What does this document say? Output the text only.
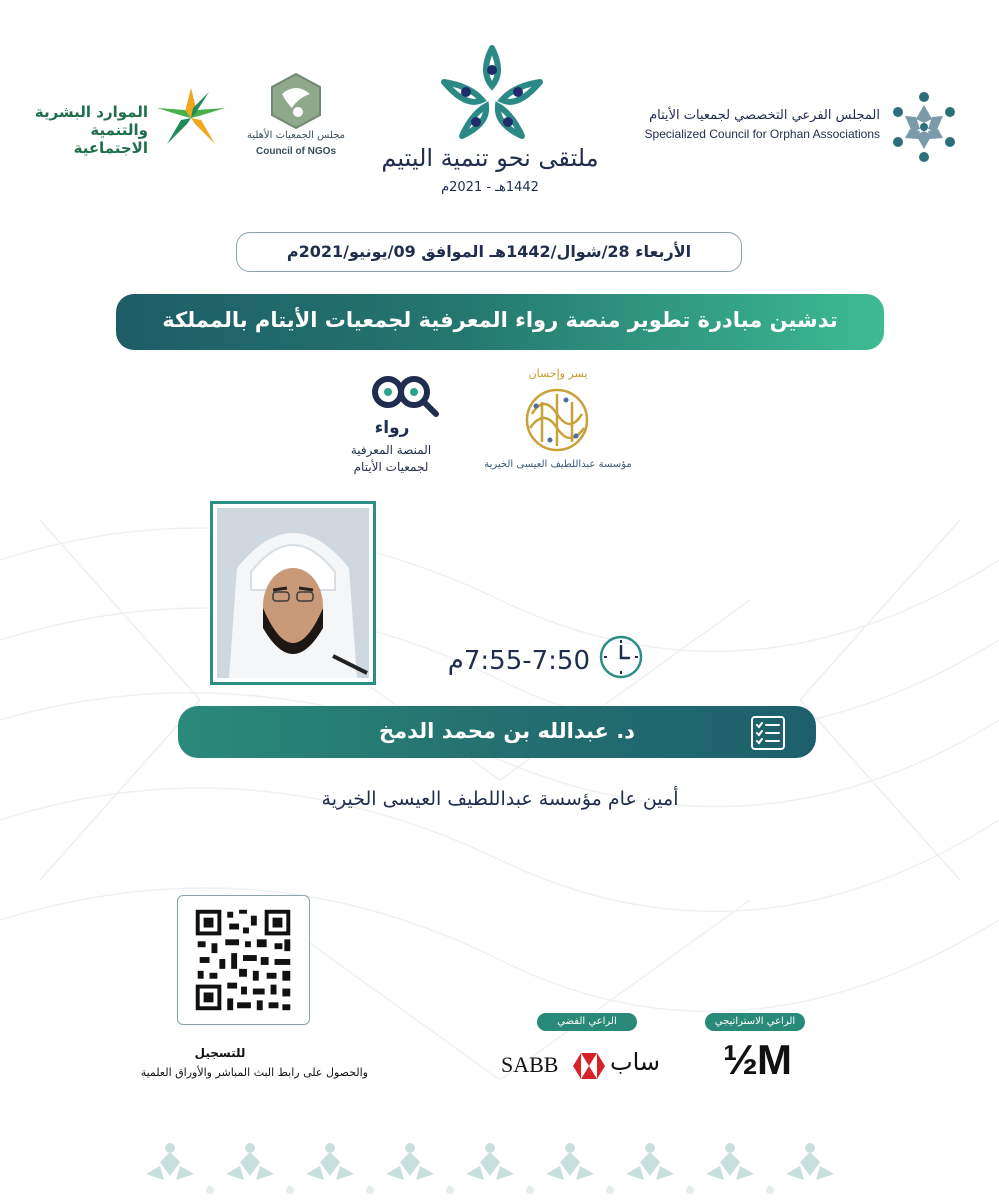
المجلس الفرعي التخصصي لجمعيات الأيتام
Specialized Council for Orphan Associations
ملتقى نحو تنمية اليتيم
1442هـ - 2021م
مجلس الجمعيات الأهلية
Council of NGOs
الموارد البشرية
والتنمية الاجتماعية
الأربعاء 28/شوال/1442هـ الموافق 09/يونيو/2021م
تدشين مبادرة تطوير منصة رواء المعرفية لجمعيات الأيتام بالمملكة
رواء
المنصة المعرفية
لجمعيات الأيتام
يسر وإحسان
مؤسسة عبداللطيف العيسى الخيرية
7:55-7:50م
د. عبدالله بن محمد الدمخ
أمين عام مؤسسة عبداللطيف العيسى الخيرية
للتسجيل
والحصول على رابط البث المباشر والأوراق العلمية
الراعي الاستراتيجي
الراعي الفضي
½M
SABB	ساب
